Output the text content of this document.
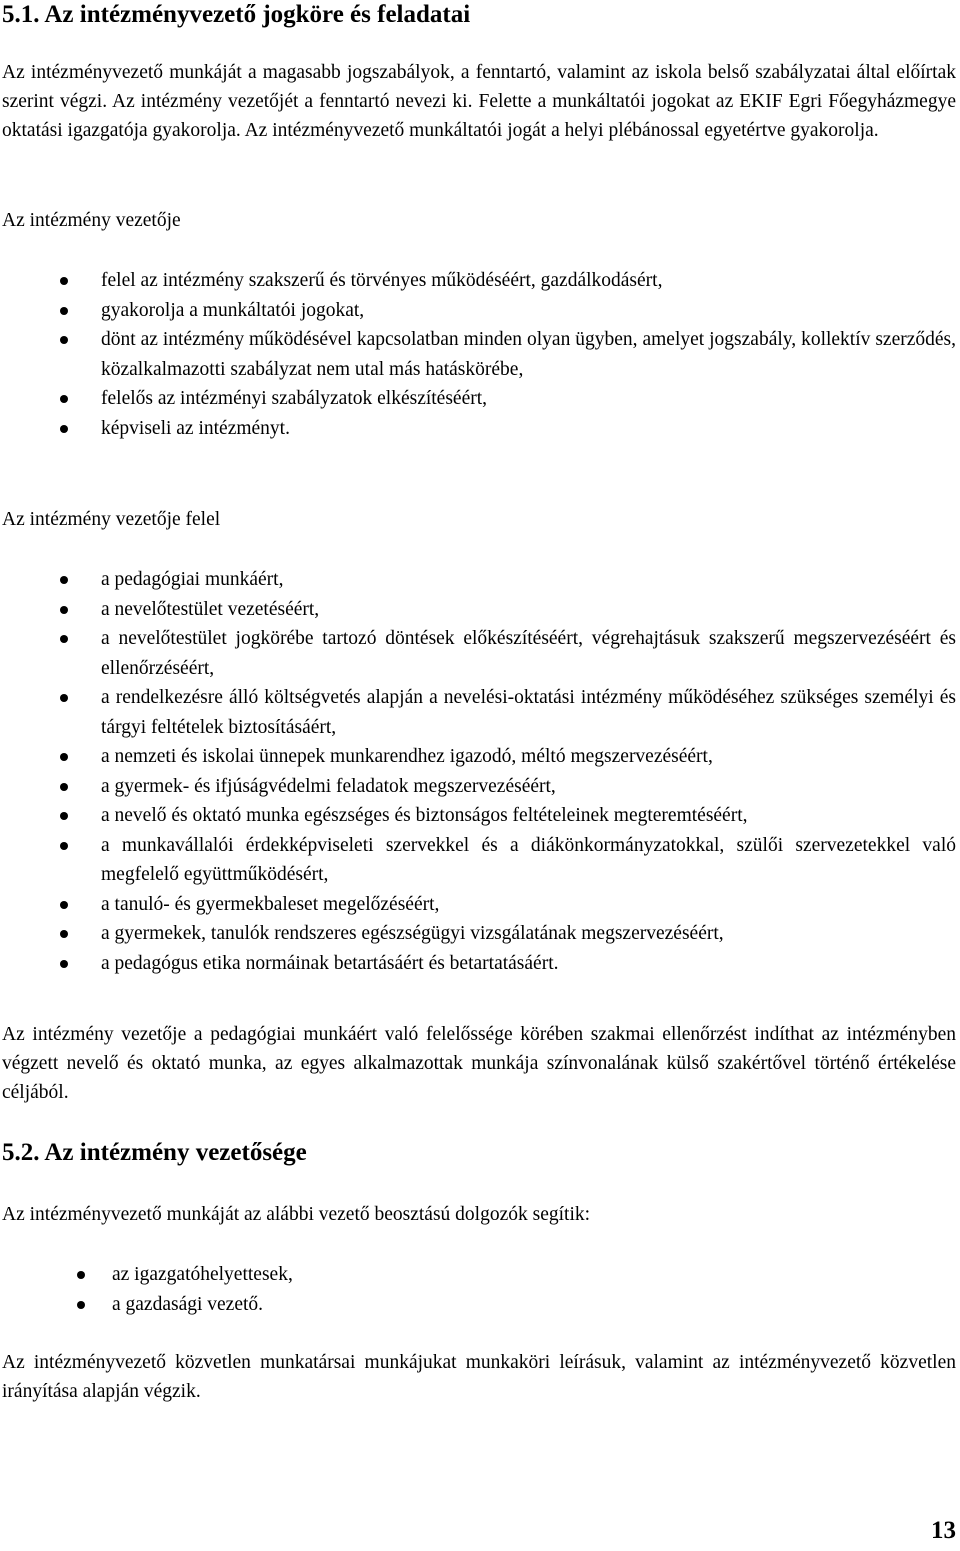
5.1. Az intézményvezető jogköre és feladatai

Az intézményvezető munkáját a magasabb jogszabályok, a fenntartó, valamint az iskola belső szabályzatai által előírtak szerint végzi. Az intézmény vezetőjét a fenntartó nevezi ki. Felette a munkáltatói jogokat az EKIF Egri Főegyházmegye oktatási igazgatója gyakorolja. Az intézményvezető munkáltatói jogát a helyi plébánossal egyetértve gyakorolja.

Az intézmény vezetője

felel az intézmény szakszerű és törvényes működéséért, gazdálkodásért,
gyakorolja a munkáltatói jogokat,
dönt az intézmény működésével kapcsolatban minden olyan ügyben, amelyet jogszabály, kollektív szerződés, közalkalmazotti szabályzat nem utal más hatáskörébe,
felelős az intézményi szabályzatok elkészítéséért,
képviseli az intézményt.

Az intézmény vezetője felel

a pedagógiai munkáért,
a nevelőtestület vezetéséért,
a nevelőtestület jogkörébe tartozó döntések előkészítéséért, végrehajtásuk szakszerű megszervezéséért és ellenőrzéséért,
a rendelkezésre álló költségvetés alapján a nevelési-oktatási intézmény működéséhez szükséges személyi és tárgyi feltételek biztosításáért,
a nemzeti és iskolai ünnepek munkarendhez igazodó, méltó megszervezéséért,
a gyermek- és ifjúságvédelmi feladatok megszervezéséért,
a nevelő és oktató munka egészséges és biztonságos feltételeinek megteremtéséért,
a munkavállalói érdekképviseleti szervekkel és a diákönkormányzatokkal, szülői szervezetekkel való megfelelő együttműködésért,
a tanuló- és gyermekbaleset megelőzéséért,
a gyermekek, tanulók rendszeres egészségügyi vizsgálatának megszervezéséért,
a pedagógus etika normáinak betartásáért és betartatásáért.

Az intézmény vezetője a pedagógiai munkáért való felelőssége körében szakmai ellenőrzést indíthat az intézményben végzett nevelő és oktató munka, az egyes alkalmazottak munkája színvonalának külső szakértővel történő értékelése céljából.

5.2. Az intézmény vezetősége

Az intézményvezető munkáját az alábbi vezető beosztású dolgozók segítik:

az igazgatóhelyettesek,
a gazdasági vezető.

Az intézményvezető közvetlen munkatársai munkájukat munkaköri leírásuk, valamint az intézményvezető közvetlen irányítása alapján végzik.

13
